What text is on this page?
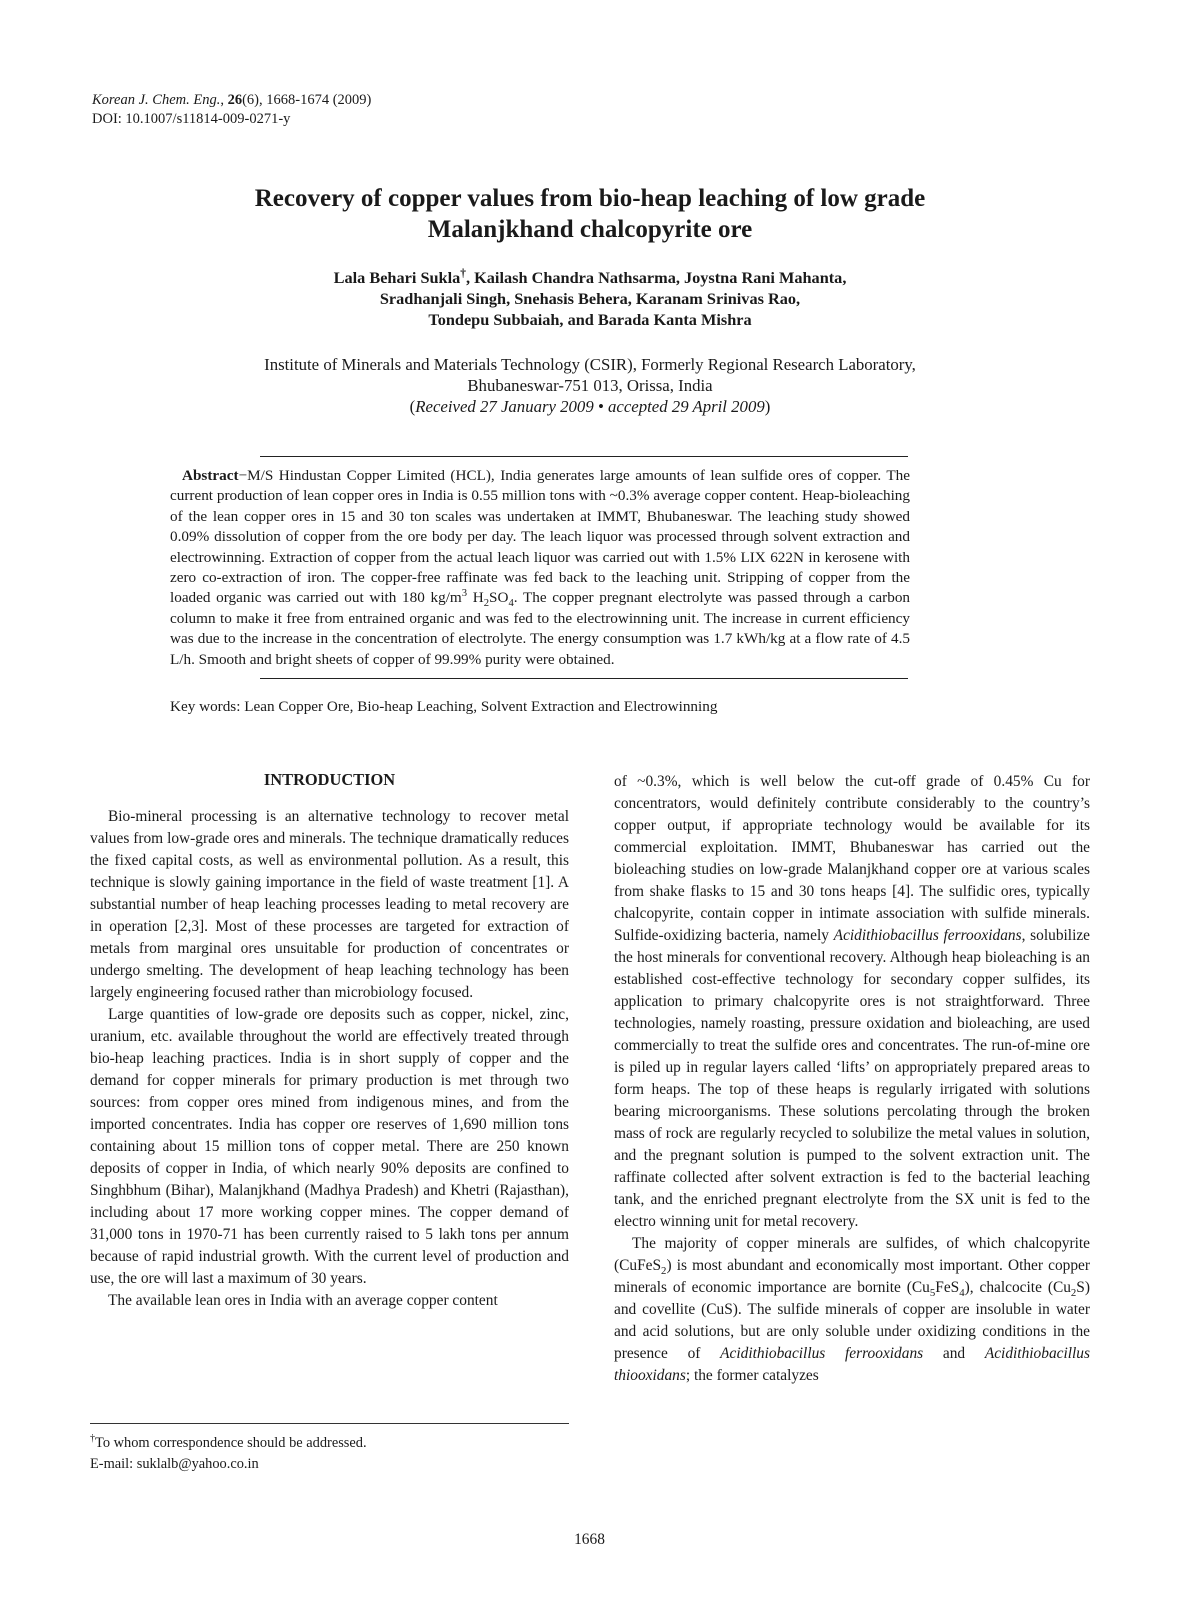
Korean J. Chem. Eng., 26(6), 1668-1674 (2009)
DOI: 10.1007/s11814-009-0271-y
Recovery of copper values from bio-heap leaching of low grade
Malanjkhand chalcopyrite ore
Lala Behari Sukla†, Kailash Chandra Nathsarma, Joystna Rani Mahanta,
Sradhanjali Singh, Snehasis Behera, Karanam Srinivas Rao,
Tondepu Subbaiah, and Barada Kanta Mishra
Institute of Minerals and Materials Technology (CSIR), Formerly Regional Research Laboratory,
Bhubaneswar-751 013, Orissa, India
(Received 27 January 2009 • accepted 29 April 2009)
Abstract−M/S Hindustan Copper Limited (HCL), India generates large amounts of lean sulfide ores of copper. The current production of lean copper ores in India is 0.55 million tons with ~0.3% average copper content. Heap-bioleaching of the lean copper ores in 15 and 30 ton scales was undertaken at IMMT, Bhubaneswar. The leaching study showed 0.09% dissolution of copper from the ore body per day. The leach liquor was processed through solvent extraction and electrowinning. Extraction of copper from the actual leach liquor was carried out with 1.5% LIX 622N in kerosene with zero co-extraction of iron. The copper-free raffinate was fed back to the leaching unit. Stripping of copper from the loaded organic was carried out with 180 $kg/m^3$ $H_2SO_4$. The copper pregnant electrolyte was passed through a carbon column to make it free from entrained organic and was fed to the electrowinning unit. The increase in current efficiency was due to the increase in the concentration of electrolyte. The energy consumption was 1.7 kWh/kg at a flow rate of 4.5 L/h. Smooth and bright sheets of copper of 99.99% purity were obtained.
Key words: Lean Copper Ore, Bio-heap Leaching, Solvent Extraction and Electrowinning
INTRODUCTION

Bio-mineral processing is an alternative technology to recover metal values from low-grade ores and minerals. The technique dramatically reduces the fixed capital costs, as well as environmental pollution. As a result, this technique is slowly gaining importance in the field of waste treatment [1]. A substantial number of heap leaching processes leading to metal recovery are in operation [2,3]. Most of these processes are targeted for extraction of metals from marginal ores unsuitable for production of concentrates or undergo smelting. The development of heap leaching technology has been largely engineering focused rather than microbiology focused.

Large quantities of low-grade ore deposits such as copper, nickel, zinc, uranium, etc. available throughout the world are effectively treated through bio-heap leaching practices. India is in short supply of copper and the demand for copper minerals for primary production is met through two sources: from copper ores mined from indigenous mines, and from the imported concentrates. India has copper ore reserves of 1,690 million tons containing about 15 million tons of copper metal. There are 250 known deposits of copper in India, of which nearly 90% deposits are confined to Singhbhum (Bihar), Malanjkhand (Madhya Pradesh) and Khetri (Rajasthan), including about 17 more working copper mines. The copper demand of 31,000 tons in 1970-71 has been currently raised to 5 lakh tons per annum because of rapid industrial growth. With the current level of production and use, the ore will last a maximum of 30 years.

The available lean ores in India with an average copper content

†To whom correspondence should be addressed.
E-mail: suklalb@yahoo.co.in

of ~0.3%, which is well below the cut-off grade of 0.45% Cu for concentrators, would definitely contribute considerably to the country’s copper output, if appropriate technology would be available for its commercial exploitation. IMMT, Bhubaneswar has carried out the bioleaching studies on low-grade Malanjkhand copper ore at various scales from shake flasks to 15 and 30 tons heaps [4]. The sulfidic ores, typically chalcopyrite, contain copper in intimate association with sulfide minerals. Sulfide-oxidizing bacteria, namely Acidithiobacillus ferrooxidans, solubilize the host minerals for conventional recovery. Although heap bioleaching is an established cost-effective technology for secondary copper sulfides, its application to primary chalcopyrite ores is not straightforward. Three technologies, namely roasting, pressure oxidation and bioleaching, are used commercially to treat the sulfide ores and concentrates. The run-of-mine ore is piled up in regular layers called ‘lifts’ on appropriately prepared areas to form heaps. The top of these heaps is regularly irrigated with solutions bearing microorganisms. These solutions percolating through the broken mass of rock are regularly recycled to solubilize the metal values in solution, and the pregnant solution is pumped to the solvent extraction unit. The raffinate collected after solvent extraction is fed to the bacterial leaching tank, and the enriched pregnant electrolyte from the SX unit is fed to the electro winning unit for metal recovery.

The majority of copper minerals are sulfides, of which chalcopyrite (CuFeS$_2$) is most abundant and economically most important. Other copper minerals of economic importance are bornite $(Cu_5FeS_4)$, chalcocite $(Cu_2S)$ and covellite (CuS). The sulfide minerals of copper are insoluble in water and acid solutions, but are only soluble under oxidizing conditions in the presence of Acidithiobacillus ferrooxidans and Acidithiobacillus thiooxidans; the former catalyzes

1668
